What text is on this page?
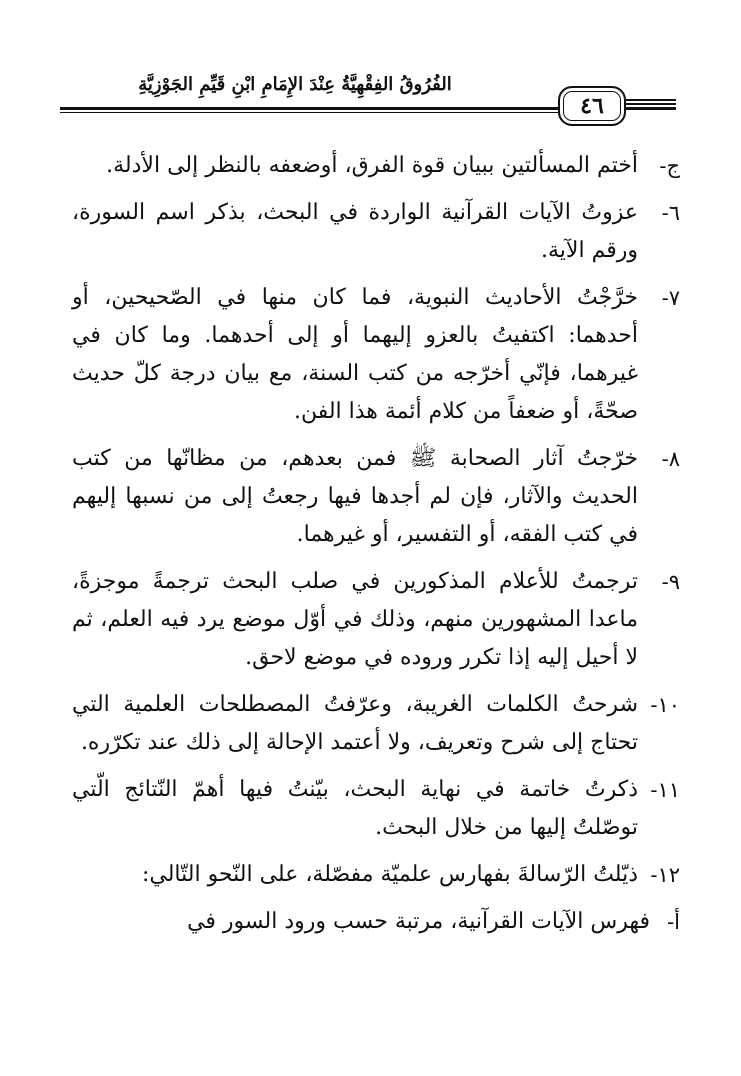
الفُرُوقُ الفِقْهِيَّةُ عِنْدَ الإِمَامِ ابْنِ قَيِّمِ الجَوْزِيَّةِ
٤٦
ج-
أختم المسألتين ببيان قوة الفرق، أوضعفه بالنظر إلى الأدلة.
٦-
عزوتُ الآيات القرآنية الواردة في البحث، بذكر اسم السورة، ورقم الآية.
٧-
خرَّجْتُ الأحاديث النبوية، فما كان منها في الصّحيحين، أو أحدهما: اكتفيتُ بالعزو إليهما أو إلى أحدهما. وما كان في غيرهما، فإنّي أخرّجه من كتب السنة، مع بيان درجة كلّ حديث صحّةً، أو ضعفاً من كلام أئمة هذا الفن.
٨-
خرّجتُ آثار الصحابة ﷺ فمن بعدهم، من مظانّها من كتب الحديث والآثار، فإن لم أجدها فيها رجعتُ إلى من نسبها إليهم في كتب الفقه، أو التفسير، أو غيرهما.
٩-
ترجمتُ للأعلام المذكورين في صلب البحث ترجمةً موجزةً، ماعدا المشهورين منهم، وذلك في أوّل موضع يرد فيه العلم، ثم لا أحيل إليه إذا تكرر وروده في موضع لاحق.
١٠-
شرحتُ الكلمات الغريبة، وعرّفتُ المصطلحات العلمية التي تحتاج إلى شرح وتعريف، ولا أعتمد الإحالة إلى ذلك عند تكرّره.
١١-
ذكرتُ خاتمة في نهاية البحث، بيّنتُ فيها أهمّ النّتائج الّتي توصّلتُ إليها من خلال البحث.
١٢-
ذيّلتُ الرّسالةَ بفهارس علميّة مفصّلة، على النّحو التّالي:
أ-
فهرس الآيات القرآنية، مرتبة حسب ورود السور في
